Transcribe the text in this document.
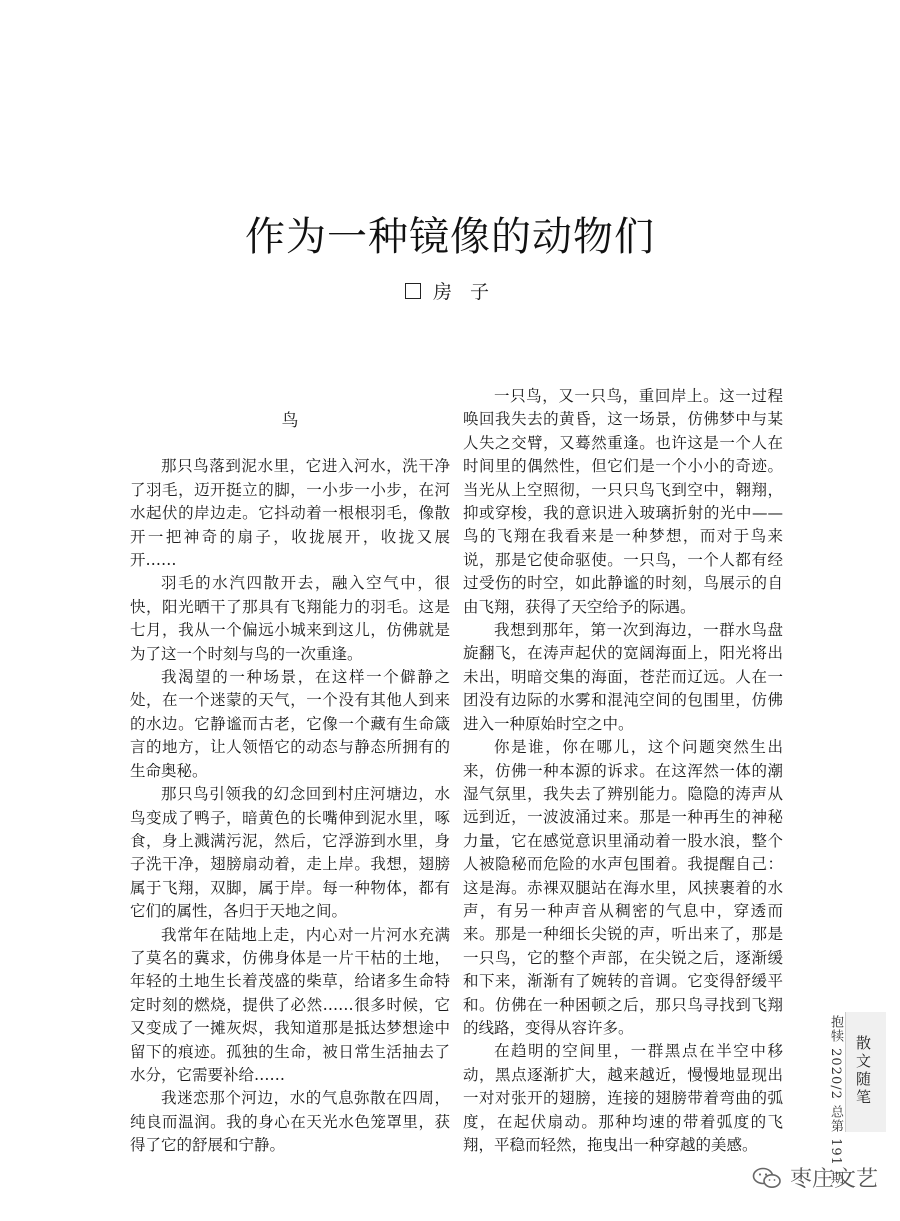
作为一种镜像的动物们
房 子
鸟

那只鸟落到泥水里，它进入河水，洗干净了羽毛，迈开挺立的脚，一小步一小步，在河水起伏的岸边走。它抖动着一根根羽毛，像散开一把神奇的扇子，收拢展开，收拢又展开……

羽毛的水汽四散开去，融入空气中，很快，阳光晒干了那具有飞翔能力的羽毛。这是七月，我从一个偏远小城来到这儿，仿佛就是为了这一个时刻与鸟的一次重逢。

我渴望的一种场景，在这样一个僻静之处，在一个迷蒙的天气，一个没有其他人到来的水边。它静谧而古老，它像一个藏有生命箴言的地方，让人领悟它的动态与静态所拥有的生命奥秘。

那只鸟引领我的幻念回到村庄河塘边，水鸟变成了鸭子，暗黄色的长嘴伸到泥水里，啄食，身上溅满污泥，然后，它浮游到水里，身子洗干净，翅膀扇动着，走上岸。我想，翅膀属于飞翔，双脚，属于岸。每一种物体，都有它们的属性，各归于天地之间。

我常年在陆地上走，内心对一片河水充满了莫名的冀求，仿佛身体是一片干枯的土地，年轻的土地生长着茂盛的柴草，给诸多生命特定时刻的燃烧，提供了必然……很多时候，它又变成了一摊灰烬，我知道那是抵达梦想途中留下的痕迹。孤独的生命，被日常生活抽去了水分，它需要补给……

我迷恋那个河边，水的气息弥散在四周，纯良而温润。我的身心在天光水色笼罩里，获得了它的舒展和宁静。

一只鸟，又一只鸟，重回岸上。这一过程唤回我失去的黄昏，这一场景，仿佛梦中与某人失之交臂，又蓦然重逢。也许这是一个人在时间里的偶然性，但它们是一个小小的奇迹。当光从上空照彻，一只只鸟飞到空中，翱翔，抑或穿梭，我的意识进入玻璃折射的光中——鸟的飞翔在我看来是一种梦想，而对于鸟来说，那是它使命驱使。一只鸟，一个人都有经过受伤的时空，如此静谧的时刻，鸟展示的自由飞翔，获得了天空给予的际遇。

我想到那年，第一次到海边，一群水鸟盘旋翻飞，在涛声起伏的宽阔海面上，阳光将出未出，明暗交集的海面，苍茫而辽远。人在一团没有边际的水雾和混沌空间的包围里，仿佛进入一种原始时空之中。

你是谁，你在哪儿，这个问题突然生出来，仿佛一种本源的诉求。在这浑然一体的潮湿气氛里，我失去了辨别能力。隐隐的涛声从远到近，一波波涌过来。那是一种再生的神秘力量，它在感觉意识里涌动着一股水浪，整个人被隐秘而危险的水声包围着。我提醒自己：这是海。赤裸双腿站在海水里，风挟裹着的水声，有另一种声音从稠密的气息中，穿透而来。那是一种细长尖锐的声，听出来了，那是一只鸟，它的整个声部，在尖锐之后，逐渐缓和下来，渐渐有了婉转的音调。它变得舒缓平和。仿佛在一种困顿之后，那只鸟寻找到飞翔的线路，变得从容许多。

在趋明的空间里，一群黑点在半空中移动，黑点逐渐扩大，越来越近，慢慢地显现出一对对张开的翅膀，连接的翅膀带着弯曲的弧度，在起伏扇动。那种均速的带着弧度的飞翔，平稳而轻然，拖曳出一种穿越的美感。	抱犊 2020/2 总第 191 期 散文随笔
枣庄文艺
